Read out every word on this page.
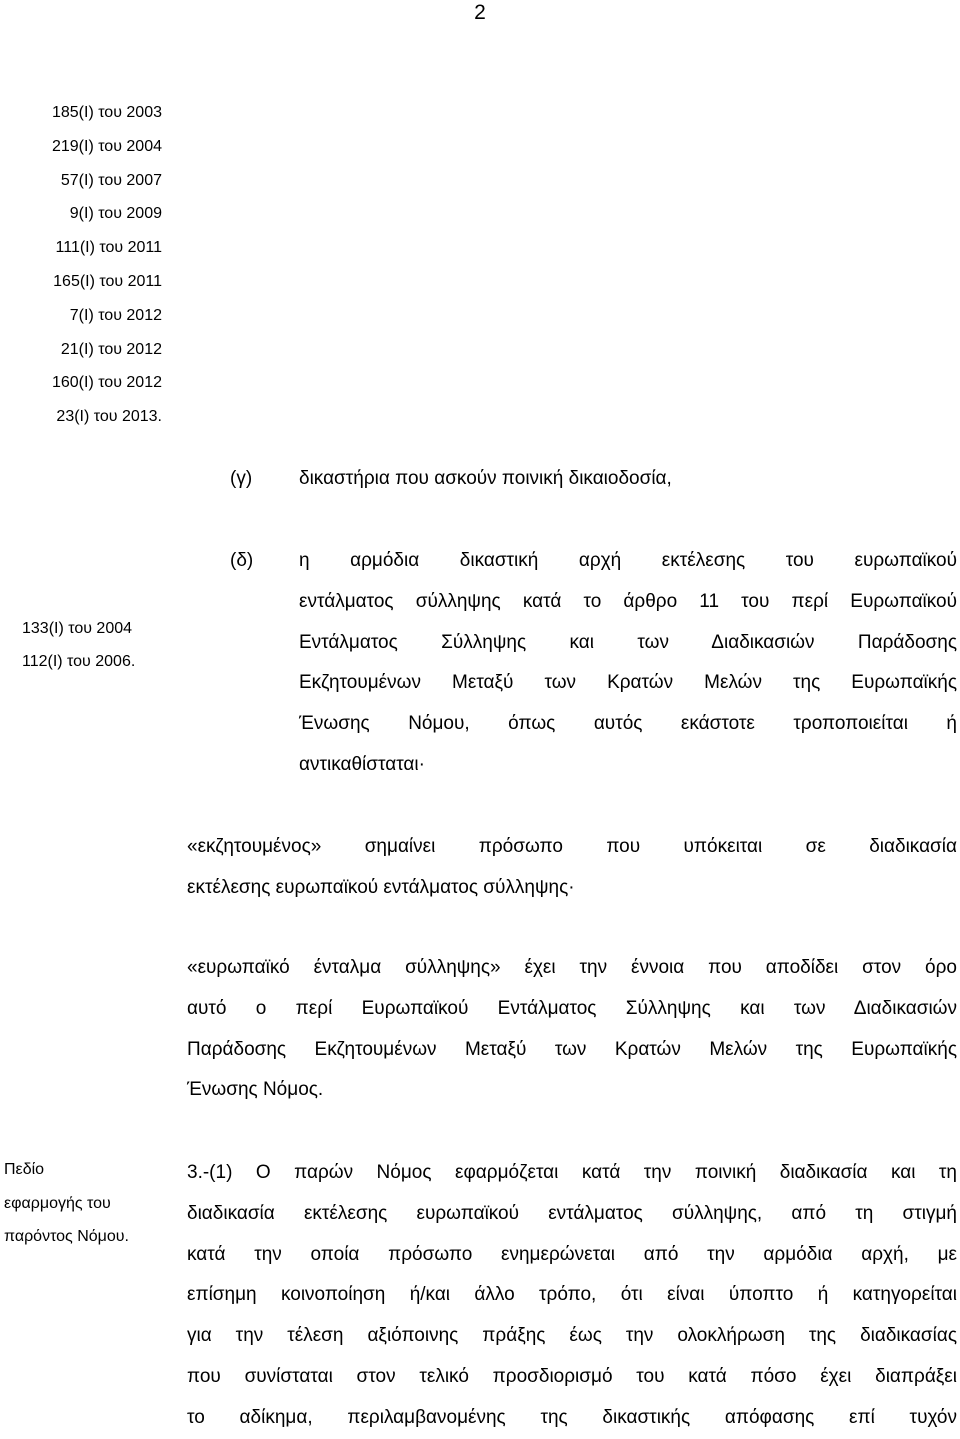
2
185(Ι) του 2003
219(Ι) του 2004
57(Ι) του 2007
9(Ι) του 2009
111(Ι) του 2011
165(Ι) του 2011
7(Ι) του 2012
21(Ι) του 2012
160(Ι) του 2012
23(Ι) του 2013.
(γ) δικαστήρια που ασκούν ποινική δικαιοδοσία,
133(Ι) του 2004
112(Ι) του 2006.
(δ) η αρμόδια δικαστική αρχή εκτέλεσης του ευρωπαϊκού
εντάλματος σύλληψης κατά το άρθρο 11 του περί Ευρωπαϊκού
Εντάλματος Σύλληψης και των Διαδικασιών Παράδοσης
Εκζητουμένων Μεταξύ των Κρατών Μελών της Ευρωπαϊκής
Ένωσης Νόμου, όπως αυτός εκάστοτε τροποποιείται ή
αντικαθίσταται·
«εκζητουμένος» σημαίνει πρόσωπο που υπόκειται σε διαδικασία
εκτέλεσης ευρωπαϊκού εντάλματος σύλληψης·
«ευρωπαϊκό ένταλμα σύλληψης» έχει την έννοια που αποδίδει στον όρο
αυτό ο περί Ευρωπαϊκού Εντάλματος Σύλληψης και των Διαδικασιών
Παράδοσης Εκζητουμένων Μεταξύ των Κρατών Μελών της Ευρωπαϊκής
Ένωσης Νόμος.
Πεδίο
εφαρμογής του
παρόντος Νόμου.
3.-(1) Ο παρών Νόμος εφαρμόζεται κατά την ποινική διαδικασία και τη
διαδικασία εκτέλεσης ευρωπαϊκού εντάλματος σύλληψης, από τη στιγμή
κατά την οποία πρόσωπο ενημερώνεται από την αρμόδια αρχή, με
επίσημη κοινοποίηση ή/και άλλο τρόπο, ότι είναι ύποπτο ή κατηγορείται
για την τέλεση αξιόποινης πράξης έως την ολοκλήρωση της διαδικασίας
που συνίσταται στον τελικό προσδιορισμό του κατά πόσο έχει διαπράξει
το αδίκημα, περιλαμβανομένης της δικαστικής απόφασης επί τυχόν
